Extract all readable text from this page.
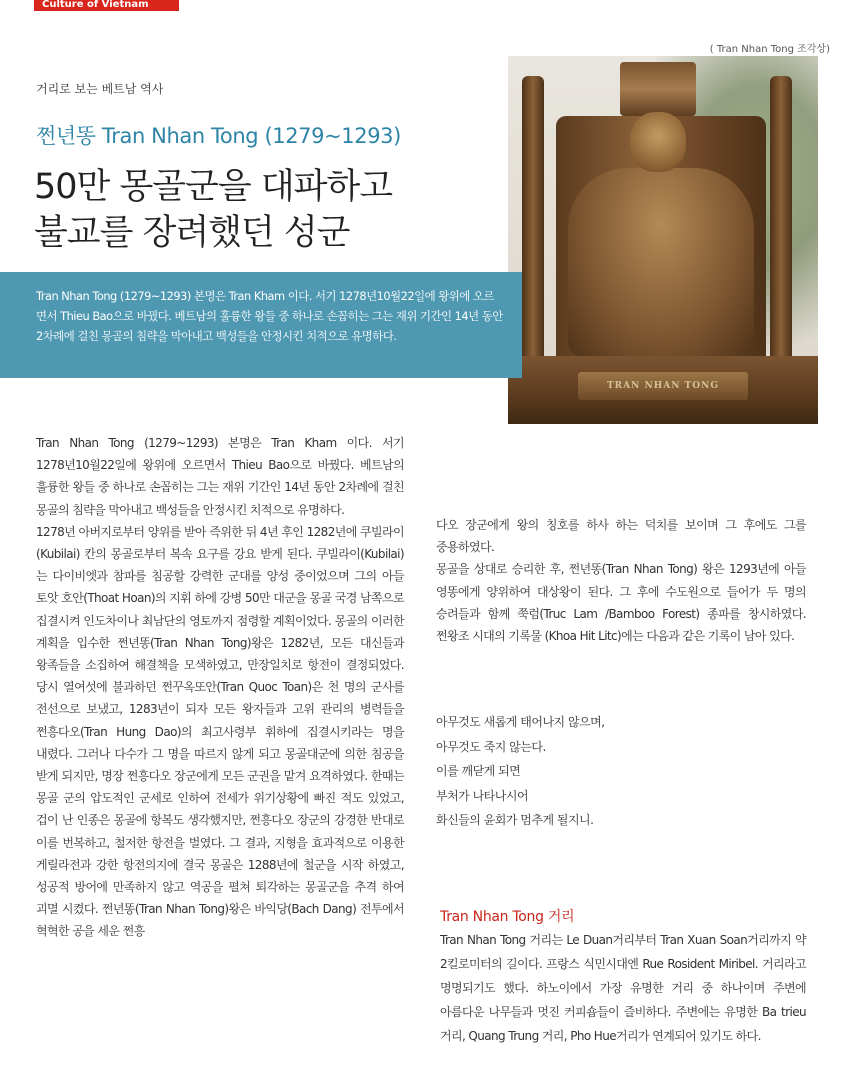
Culture of Vietnam
TRAN NHAN TONG
( Tran Nhan Tong 조각상)
거리로 보는 베트남 역사
쩐년똥 Tran Nhan Tong (1279~1293)
50만 몽골군을 대파하고
불교를 장려했던 성군
Tran Nhan Tong (1279~1293) 본명은 Tran Kham 이다. 서기 1278년10월22일에 왕위에 오르면서 Thieu Bao으로 바꿨다. 베트남의 훌륭한 왕들 중 하나로 손꼽히는 그는 재위 기간인 14년 동안 2차례에 걸친 몽골의 침략을 막아내고 백성들을 안정시킨 치적으로 유명하다.

Tran Nhan Tong (1279~1293) 본명은 Tran Kham 이다. 서기 1278년10월22일에 왕위에 오르면서 Thieu Bao으로 바꿨다. 베트남의 훌륭한 왕들 중 하나로 손꼽히는 그는 재위 기간인 14년 동안 2차례에 걸친 몽골의 침략을 막아내고 백성들을 안정시킨 치적으로 유명하다.

1278년 아버지로부터 양위를 받아 즉위한 뒤 4년 후인 1282년에 쿠빌라이(Kubilai) 칸의 몽골로부터 복속 요구를 강요 받게 된다. 쿠빌라이(Kubilai)는 다이비엣과 참파를 침공할 강력한 군대를 양성 중이었으며 그의 아들 토앗 호안(Thoat Hoan)의 지휘 하에 강병 50만 대군을 몽골 국경 남쪽으로 집결시켜 인도차이나 최남단의 영토까지 점령할 계획이었다. 몽골의 이러한 계획을 입수한 쩐년똥(Tran Nhan Tong)왕은 1282년, 모든 대신들과 왕족들을 소집하여 해결책을 모색하였고, 만장일치로 항전이 결정되었다. 당시 열여섯에 불과하던 쩐꾸옥또안(Tran Quoc Toan)은 천 명의 군사를 전선으로 보냈고, 1283년이 되자 모든 왕자들과 고위 관리의 병력들을 쩐흥다오(Tran Hung Dao)의 최고사령부 휘하에 집결시키라는 명을 내렸다. 그러나 다수가 그 명을 따르지 않게 되고 몽골대군에 의한 침공을 받게 되지만, 명장 쩐흥다오 장군에게 모든 군권을 맡겨 요격하였다. 한때는 몽골 군의 압도적인 군세로 인하여 전세가 위기상황에 빠진 적도 있었고, 겁이 난 인종은 몽골에 항복도 생각했지만, 쩐흥다오 장군의 강경한 반대로 이를 번복하고, 철저한 항전을 벌였다. 그 결과, 지형을 효과적으로 이용한 게릴라전과 강한 항전의지에 결국 몽골은 1288년에 철군을 시작 하였고, 성공적 방어에 만족하지 않고 역공을 펼쳐 퇴각하는 몽골군을 추격 하여 괴멸 시켰다. 쩐년똥(Tran Nhan Tong)왕은 바익당(Bach Dang) 전투에서 혁혁한 공을 세운 쩐흥

다오 장군에게 왕의 칭호를 하사 하는 덕치를 보이며 그 후에도 그를 중용하였다.

몽골을 상대로 승리한 후, 쩐년똥(Tran Nhan Tong) 왕은 1293년에 아들 영똥에게 양위하여 대상왕이 된다. 그 후에 수도원으로 들어가 두 명의 승려들과 함께 쭉럼(Truc Lam /Bamboo Forest) 종파를 창시하였다. 쩐왕조 시대의 기록물 (Khoa Hit Litc)에는 다음과 같은 기록이 남아 있다.

아무것도 새롭게 태어나지 않으며,
아무것도 죽지 않는다.
이를 깨닫게 되면
부처가 나타나시어
화신들의 윤회가 멈추게 될지니.
Tran Nhan Tong 거리
Tran Nhan Tong 거리는 Le Duan거리부터 Tran Xuan Soan거리까지 약 2킬로미터의 길이다. 프랑스 식민시대엔 Rue Rosident Miribel. 거리라고 명명되기도 했다. 하노이에서 가장 유명한 거리 중 하나이며 주변에 아름다운 나무들과 멋진 커피숍들이 즐비하다. 주변에는 유명한 Ba trieu 거리, Quang Trung 거리, Pho Hue거리가 연계되어 있기도 하다.
